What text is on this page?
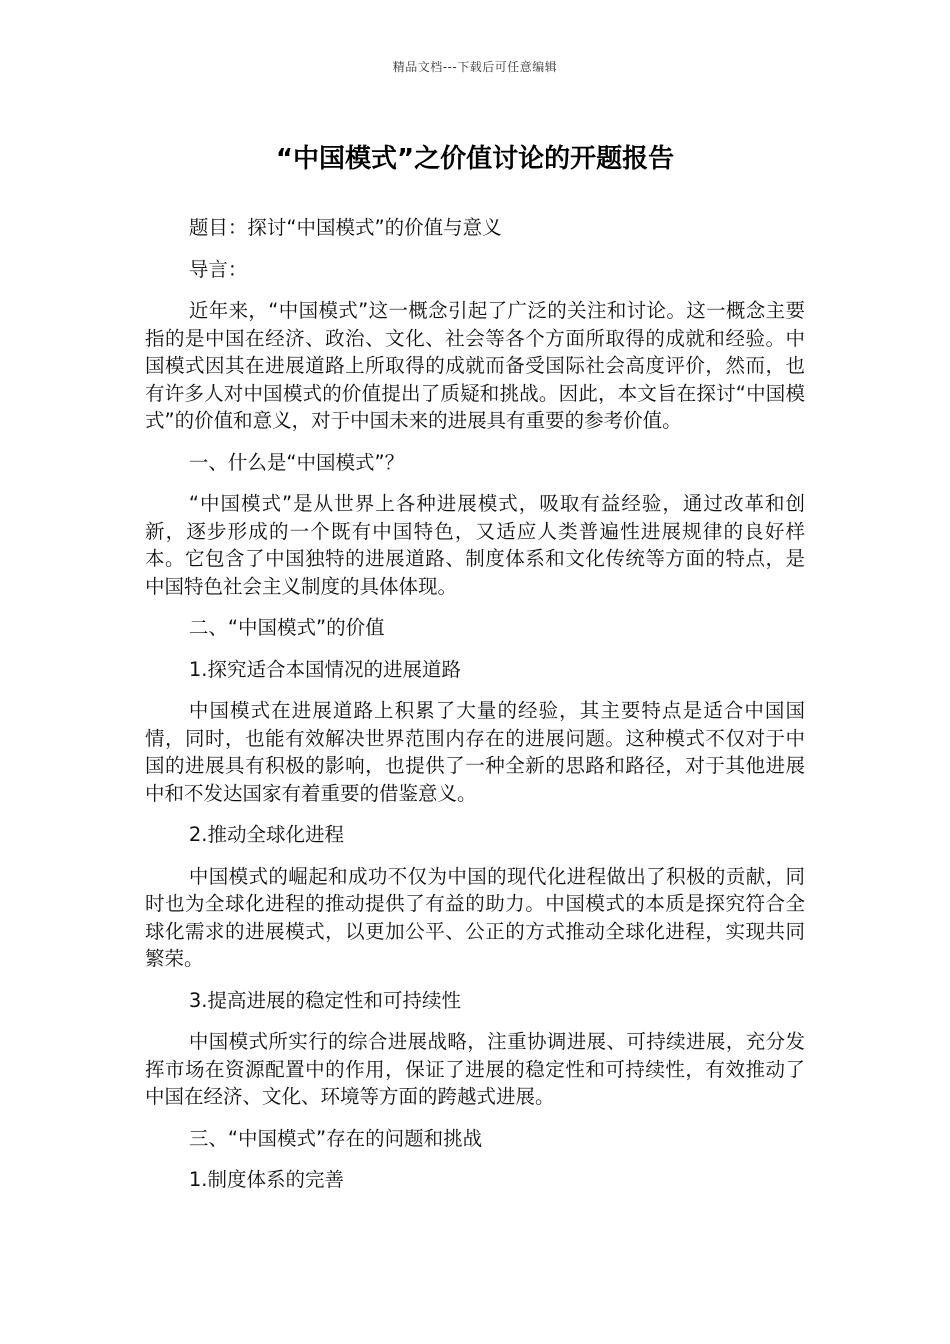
精品文档---下载后可任意编辑
“中国模式”之价值讨论的开题报告

题目：探讨“中国模式”的价值与意义

导言：

近年来，“中国模式”这一概念引起了广泛的关注和讨论。这一概念主要指的是中国在经济、政治、文化、社会等各个方面所取得的成就和经验。中国模式因其在进展道路上所取得的成就而备受国际社会高度评价，然而，也有许多人对中国模式的价值提出了质疑和挑战。因此，本文旨在探讨“中国模式”的价值和意义，对于中国未来的进展具有重要的参考价值。

一、什么是“中国模式”？

“中国模式”是从世界上各种进展模式，吸取有益经验，通过改革和创新，逐步形成的一个既有中国特色，又适应人类普遍性进展规律的良好样本。它包含了中国独特的进展道路、制度体系和文化传统等方面的特点，是中国特色社会主义制度的具体体现。

二、“中国模式”的价值

1.探究适合本国情况的进展道路

中国模式在进展道路上积累了大量的经验，其主要特点是适合中国国情，同时，也能有效解决世界范围内存在的进展问题。这种模式不仅对于中国的进展具有积极的影响，也提供了一种全新的思路和路径，对于其他进展中和不发达国家有着重要的借鉴意义。

2.推动全球化进程

中国模式的崛起和成功不仅为中国的现代化进程做出了积极的贡献，同时也为全球化进程的推动提供了有益的助力。中国模式的本质是探究符合全球化需求的进展模式，以更加公平、公正的方式推动全球化进程，实现共同繁荣。

3.提高进展的稳定性和可持续性

中国模式所实行的综合进展战略，注重协调进展、可持续进展，充分发挥市场在资源配置中的作用，保证了进展的稳定性和可持续性，有效推动了中国在经济、文化、环境等方面的跨越式进展。

三、“中国模式”存在的问题和挑战

1.制度体系的完善
